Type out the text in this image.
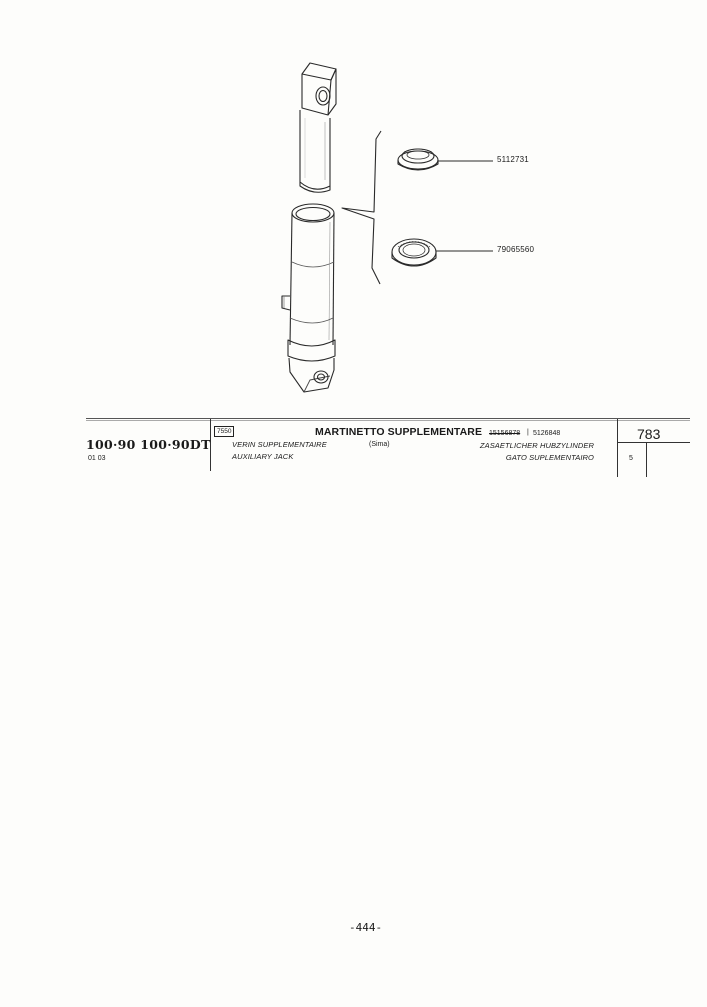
5112731
79065560
100·90 100·90DT
01 03
7550	MARTINETTO SUPPLEMENTARE 15156878 | 5126848
VERIN SUPPLEMENTAIRE	(Sima)	ZASAETLICHER HUBZYLINDER
AUXILIARY JACK	GATO SUPLEMENTAIRO
783
5
-444-
